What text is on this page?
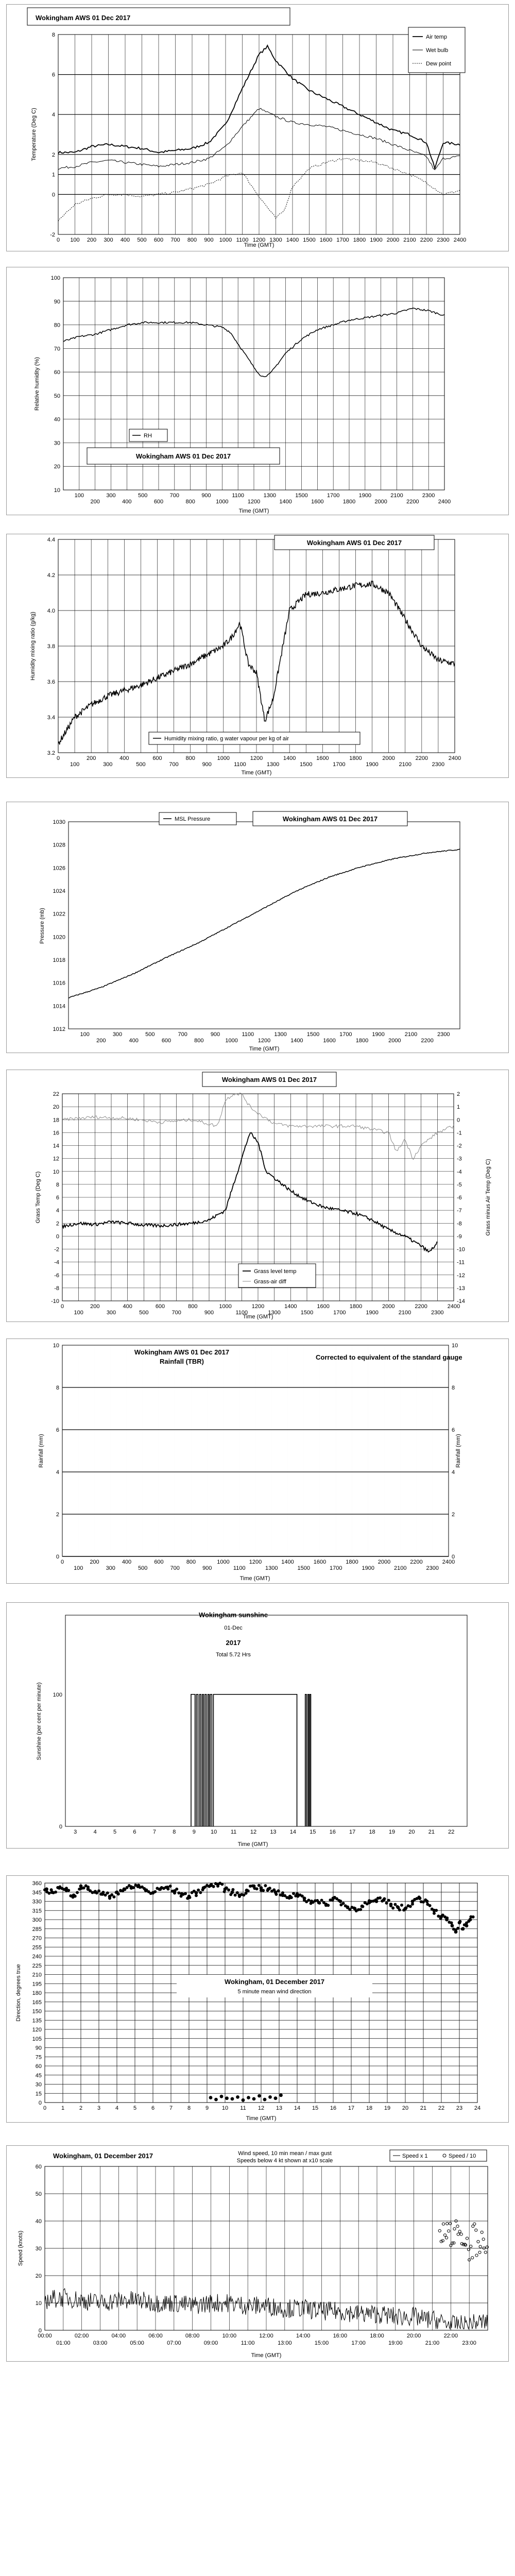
-2
0
1
2
4
6
8
0 100 200 300 400 500 600 700 800 900 1000 1100 1200 1300 1400 1500 1600 1700 1800 1900 2000 2100 2200 2300 2400
Wokingham AWS 01 Dec 2017
Time (GMT)
Temperature (Deg C)
Air temp
Wet bulb
Dew point
10
20
30
40
50
60
70
80
90
100
100
200
300
400
500
600
700
800
900
1000
1100
1200
1300
1400
1500
1600
1700
1800
1900
2000
2100
2200
2300
2400
Time (GMT)
Relative humidity (%)
RH
Wokingham AWS 01 Dec 2017
3.2
3.4
3.6
3.8
4.0
4.2
4.4
0
100
200
300
400
500
600
700
800
900
1000
1100
1200
1300
1400
1500
1600
1700
1800
1900
2000
2100
2200
2300
2400
Wokingham AWS 01 Dec 2017
Time (GMT)
Humidity mixing ratio (g/kg)
Humidity mixing ratio, g water vapour per kg of air
1012
1014
1016
1018
1020
1022
1024
1026
1028
1030
100
200
300
400
500
600
700
800
900
1000
1100
1200
1300
1400
1500
1600
1700
1800
1900
2000
2100
2200
2300
MSL Pressure	Wokingham AWS 01 Dec 2017
Time (GMT)
Pressure (mb)
-10
-8
-6
-4
-2
0
2
4
6
8
10
12
14
16
18
20
22
-14
-13
-12
-11
-10
-9
-8
-7
-6
-5
-4
-3
-2
-1
0
1
2
0
100
200
300
400
500
600
700
800
900
1000
1100
1200
1300
1400
1500
1600
1700
1800
1900
2000
2100
2200
2300
2400
Wokingham AWS 01 Dec 2017
Time (GMT)
Grass Temp (Deg C)	Grass minus Air Temp (Deg C)
Grass level temp
Grass-air diff
0
2
4
6
8
10
0
2
4
6
8
10
0
100
200
300
400
500
600
700
800
900
1000
1100
1200
1300
1400
1500
1600
1700
1800
1900
2000
2100
2200
2300
2400
Wokingham AWS 01 Dec 2017
Rainfall (TBR)
Corrected to equivalent of the standard gauge
Time (GMT)
Rainfall (mm)	Rainfall (mm)
0
100
3	4	5	6	7	8	9	10 11 12 13 14 15 16 17 18 19 20 21 22
Wokingham sunshine
01-Dec
2017
Total 5.72 Hrs
Time (GMT)
Sunshine (per cent per minute)
0
15
30
45
60
75
90
105
120
135
150
165
180
195
210
225
240
255
270
285
300
315
330
345
360
0	1	2	3	4	5	6	7	8	9 10 11 12 13 14 15 16 17 18 19 20 21 22 23 24
Wokingham, 01 December 2017
5 minute mean wind direction
Time (GMT)
Direction, degrees true
0
10
20
30
40
50
60
00:00	02:00	04:00	06:00	08:00	10:00	12:00	14:00	16:00	18:00	20:00	22:00
01:00	03:00	05:00	07:00	09:00	11:00	13:00	15:00	17:00	19:00	21:00	23:00
Wokingham, 01 December 2017	Wind speed, 10 min mean / max gust
Speeds below 4 kt shown at x10 scale
Speed x 1	Speed / 10
Time (GMT)
Speed (knots)
